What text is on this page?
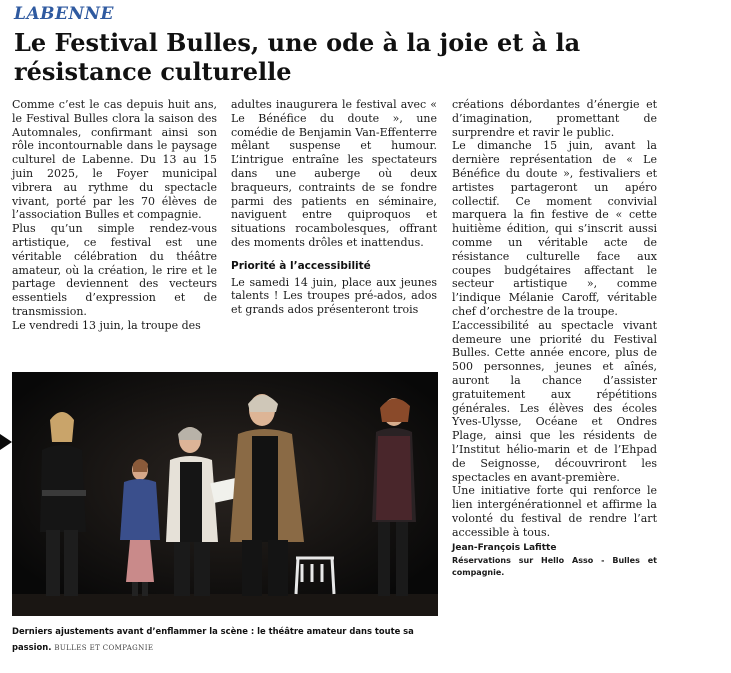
LABENNE
Le Festival Bulles, une ode à la joie et à la résistance culturelle

Comme c’est le cas depuis huit ans, le Festival Bulles clora la saison des Automnales, confirmant ainsi son rôle incontournable dans le paysage culturel de Labenne. Du 13 au 15 juin 2025, le Foyer municipal vibrera au rythme du spectacle vivant, porté par les 70 élèves de l’association Bulles et compagnie.

Plus qu’un simple rendez-vous artistique, ce festival est une véritable célébration du théâtre amateur, où la création, le rire et le partage deviennent des vecteurs essentiels d’expression et de transmission.

Le vendredi 13 juin, la troupe des

adultes inaugurera le festival avec « Le Bénéfice du doute », une comédie de Benjamin Van-Effenterre mêlant suspense et humour. L’intrigue entraîne les spectateurs dans une auberge où deux braqueurs, contraints de se fondre parmi des patients en séminaire, naviguent entre quiproquos et situations rocambolesques, offrant des moments drôles et inattendus.

Priorité à l’accessibilité

Le samedi 14 juin, place aux jeunes talents ! Les troupes pré-ados, ados et grands ados présenteront trois

créations débordantes d’énergie et d’imagination, promettant de surprendre et ravir le public.

Le dimanche 15 juin, avant la dernière représentation de « Le Bénéfice du doute », festivaliers et artistes partageront un apéro collectif. Ce moment convivial marquera la fin festive de « cette huitième édition, qui s’inscrit aussi comme un véritable acte de résistance culturelle face aux coupes budgétaires affectant le secteur artistique », comme l’indique Mélanie Caroff, véritable chef d’orchestre de la troupe.

L’accessibilité au spectacle vivant demeure une priorité du Festival Bulles. Cette année encore, plus de 500 personnes, jeunes et aînés, auront la chance d’assister gratuitement aux répétitions générales. Les élèves des écoles Yves-Ulysse, Océane et Ondres Plage, ainsi que les résidents de l’Institut hélio-marin et de l’Ehpad de Seignosse, découvriront les spectacles en avant-première.

Une initiative forte qui renforce le lien intergénérationnel et affirme la volonté du festival de rendre l’art accessible à tous.

Jean-François Lafitte

Réservations sur Hello Asso - Bulles et compagnie.

Derniers ajustements avant d’enflammer la scène : le théâtre amateur dans toute sa passion. BULLES ET COMPAGNIE
